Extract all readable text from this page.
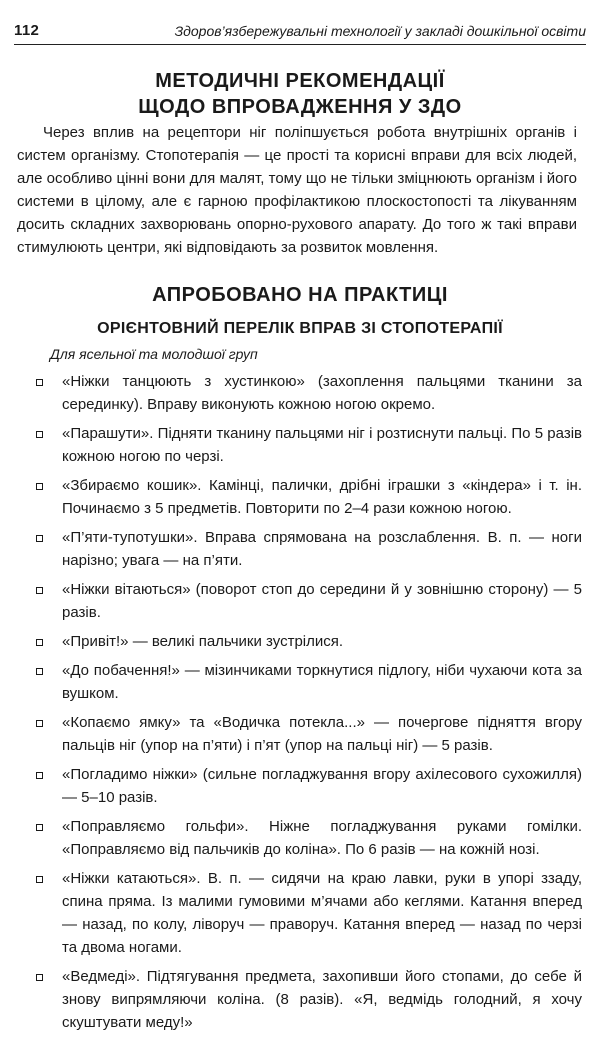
112	Здоров’язбережувальні технології у закладі дошкільної освіти
МЕТОДИЧНІ РЕКОМЕНДАЦІЇ
ЩОДО ВПРОВАДЖЕННЯ У ЗДО

Через вплив на рецептори ніг поліпшується робота внутрішніх органів і систем організму. Стопотерапія — це прості та корисні вправи для всіх людей, але особливо цінні вони для малят, тому що не тільки зміцнюють організм і його системи в цілому, але є гарною профілактикою плоскостопості та лікуванням досить складних захворювань опорно-рухового апарату. До того ж такі вправи стимулюють центри, які відповідають за розвиток мовлення.

АПРОБОВАНО НА ПРАКТИЦІ
ОРІЄНТОВНИЙ ПЕРЕЛІК ВПРАВ ЗІ СТОПОТЕРАПІЇ
Для ясельної та молодшої груп
«Ніжки танцюють з хустинкою» (захоплення пальцями тканини за серединку). Вправу виконують кожною ногою окремо.
«Парашути». Підняти тканину пальцями ніг і розтиснути пальці. По 5 разів кожною ногою по черзі.
«Збираємо кошик». Камінці, палички, дрібні іграшки з «кіндера» і т. ін. Починаємо з 5 предметів. Повторити по 2–4 рази кожною ногою.
«П’яти-тупотушки». Вправа спрямована на розслаблення. В. п. — ноги нарізно; увага — на п’яти.
«Ніжки вітаються» (поворот стоп до середини й у зовнішню сторону) — 5 разів.
«Привіт!» — великі пальчики зустрілися.
«До побачення!» — мізинчиками торкнутися підлогу, ніби чухаючи кота за вушком.
«Копаємо ямку» та «Водичка потекла...» — почергове підняття вгору пальців ніг (упор на п’яти) і п’ят (упор на пальці ніг) — 5 разів.
«Погладимо ніжки» (сильне погладжування вгору ахілесового сухожилля) — 5–10 разів.
«Поправляємо гольфи». Ніжне погладжування руками гомілки. «Поправляємо від пальчиків до коліна». По 6 разів — на кожній нозі.
«Ніжки катаються». В. п. — сидячи на краю лавки, руки в упорі ззаду, спина пряма. Із малими гумовими м’ячами або кеглями. Катання вперед — назад, по колу, ліворуч — праворуч. Катання вперед — назад по черзі та двома ногами.
«Ведмеді». Підтягування предмета, захопивши його стопами, до себе й знову випрямляючи коліна. (8 разів). «Я, ведмідь голодний, я хочу скуштувати меду!»
